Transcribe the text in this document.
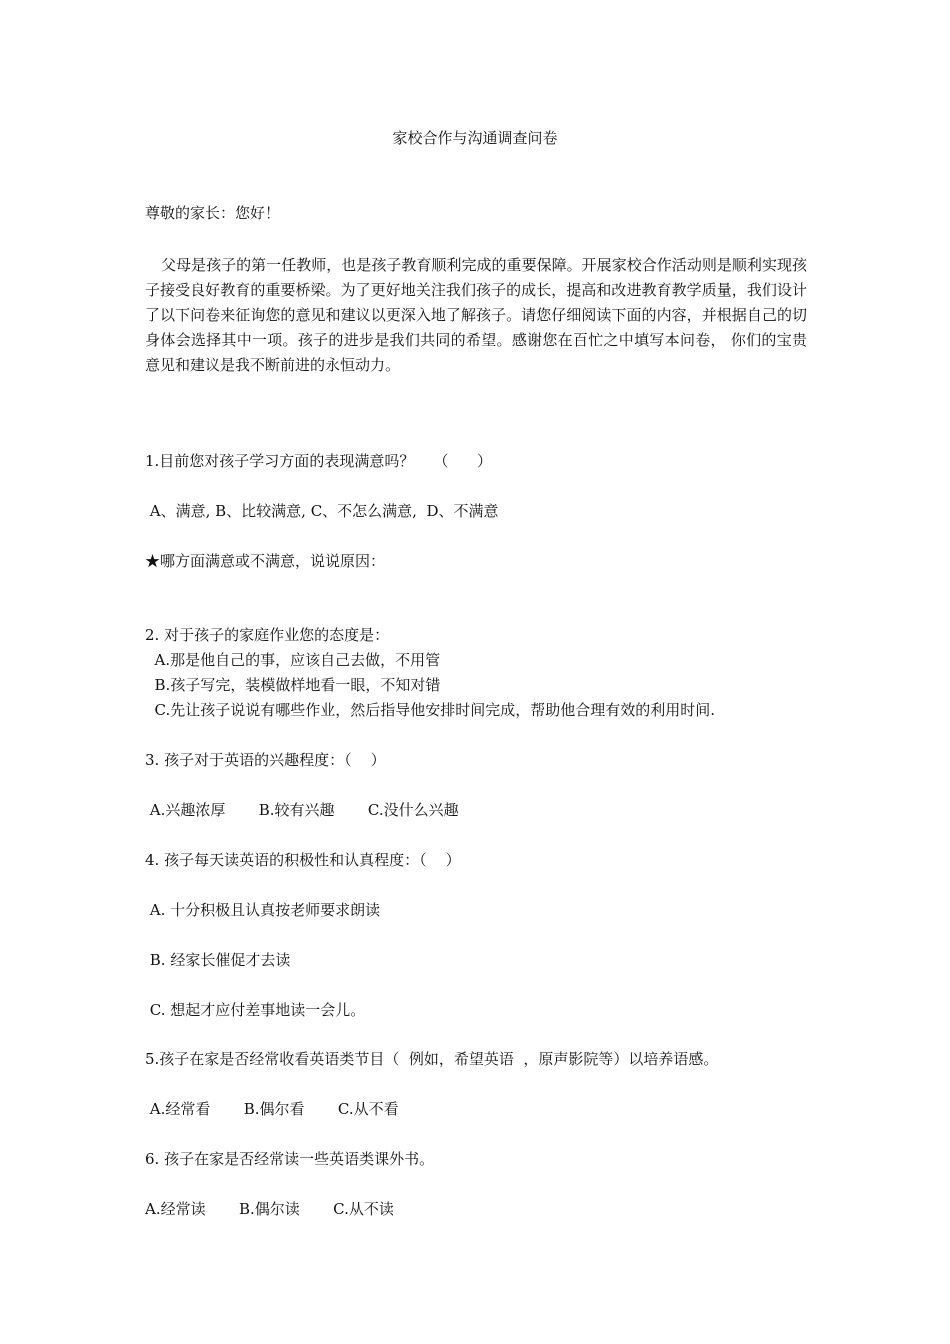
家校合作与沟通调查问卷
尊敬的家长：您好！
父母是孩子的第一任教师，也是孩子教育顺利完成的重要保障。开展家校合作活动则是顺利实现孩子接受良好教育的重要桥梁。为了更好地关注我们孩子的成长，提高和改进教育教学质量，我们设计了以下问卷来征询您的意见和建议以更深入地了解孩子。请您仔细阅读下面的内容，并根据自己的切身体会选择其中一项。孩子的进步是我们共同的希望。感谢您在百忙之中填写本问卷， 你们的宝贵意见和建议是我不断前进的永恒动力。
1.目前您对孩子学习方面的表现满意吗？    （      ）
A、满意, B、比较满意, C、不怎么满意,  D、不满意
★哪方面满意或不满意，说说原因：
2. 对于孩子的家庭作业您的态度是：
A.那是他自己的事，应该自己去做，不用管
B.孩子写完，装模做样地看一眼，不知对错
C.先让孩子说说有哪些作业，然后指导他安排时间完成，帮助他合理有效的利用时间.
3. 孩子对于英语的兴趣程度：（    ）
A.兴趣浓厚       B.较有兴趣       C.没什么兴趣
4. 孩子每天读英语的积极性和认真程度：（    ）
A. 十分积极且认真按老师要求朗读
B. 经家长催促才去读
C. 想起才应付差事地读一会儿。
5.孩子在家是否经常收看英语类节目（  例如，希望英语  ，原声影院等）以培养语感。
A.经常看       B.偶尔看       C.从不看
6. 孩子在家是否经常读一些英语类课外书。
A.经常读       B.偶尔读       C.从不读
